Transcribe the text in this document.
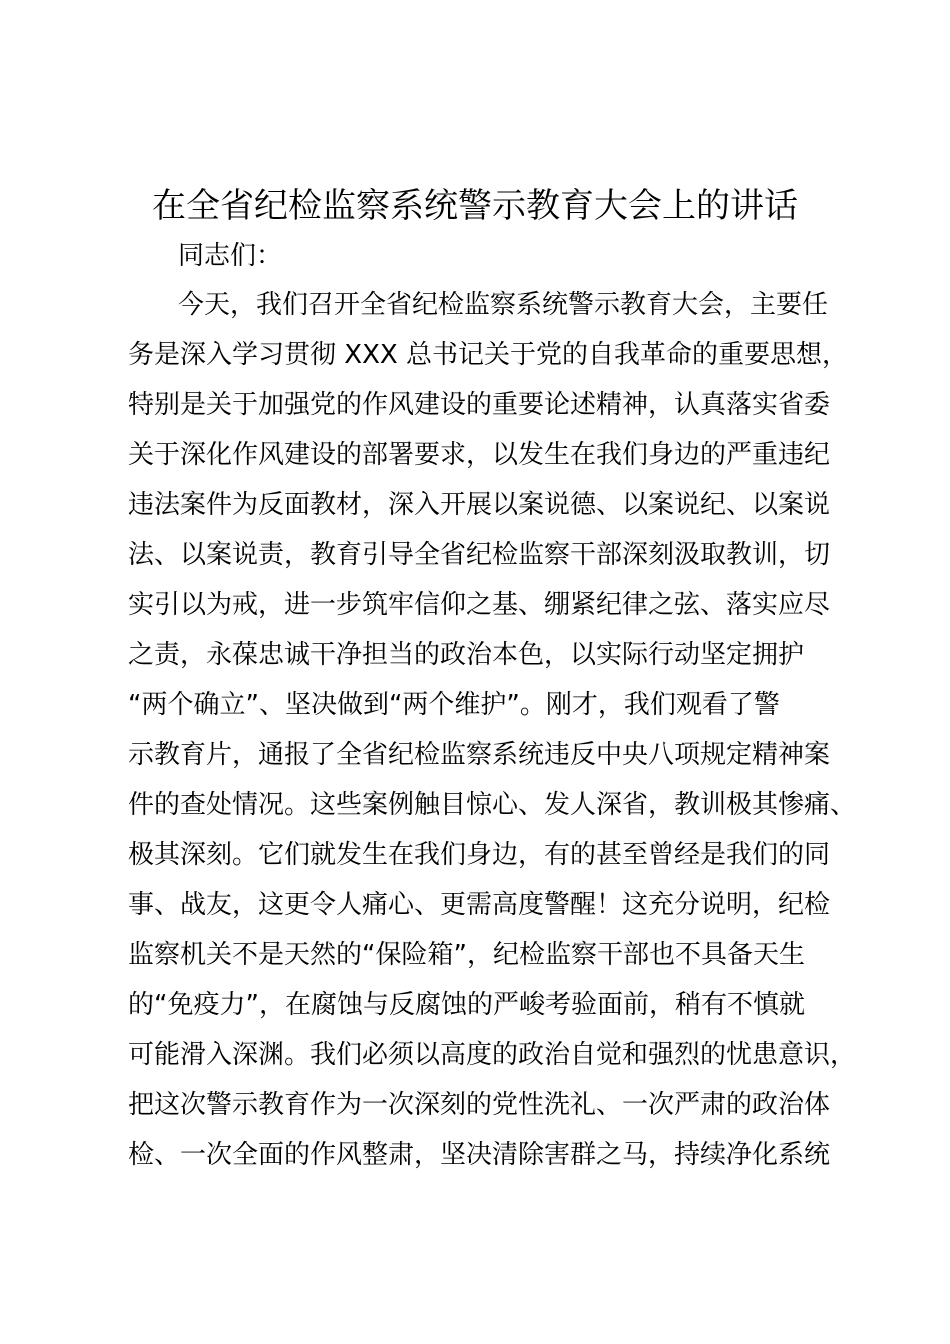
在全省纪检监察系统警示教育大会上的讲话
同志们：
今天，我们召开全省纪检监察系统警示教育大会，主要任
务是深入学习贯彻 XXX 总书记关于党的自我革命的重要思想，
特别是关于加强党的作风建设的重要论述精神，认真落实省委
关于深化作风建设的部署要求，以发生在我们身边的严重违纪
违法案件为反面教材，深入开展以案说德、以案说纪、以案说
法、以案说责，教育引导全省纪检监察干部深刻汲取教训，切
实引以为戒，进一步筑牢信仰之基、绷紧纪律之弦、落实应尽
之责，永葆忠诚干净担当的政治本色，以实际行动坚定拥护
“两个确立”、坚决做到“两个维护”。刚才，我们观看了警
示教育片，通报了全省纪检监察系统违反中央八项规定精神案
件的查处情况。这些案例触目惊心、发人深省，教训极其惨痛、
极其深刻。它们就发生在我们身边，有的甚至曾经是我们的同
事、战友，这更令人痛心、更需高度警醒！这充分说明，纪检
监察机关不是天然的“保险箱”，纪检监察干部也不具备天生
的“免疫力”，在腐蚀与反腐蚀的严峻考验面前，稍有不慎就
可能滑入深渊。我们必须以高度的政治自觉和强烈的忧患意识，
把这次警示教育作为一次深刻的党性洗礼、一次严肃的政治体
检、一次全面的作风整肃，坚决清除害群之马，持续净化系统
